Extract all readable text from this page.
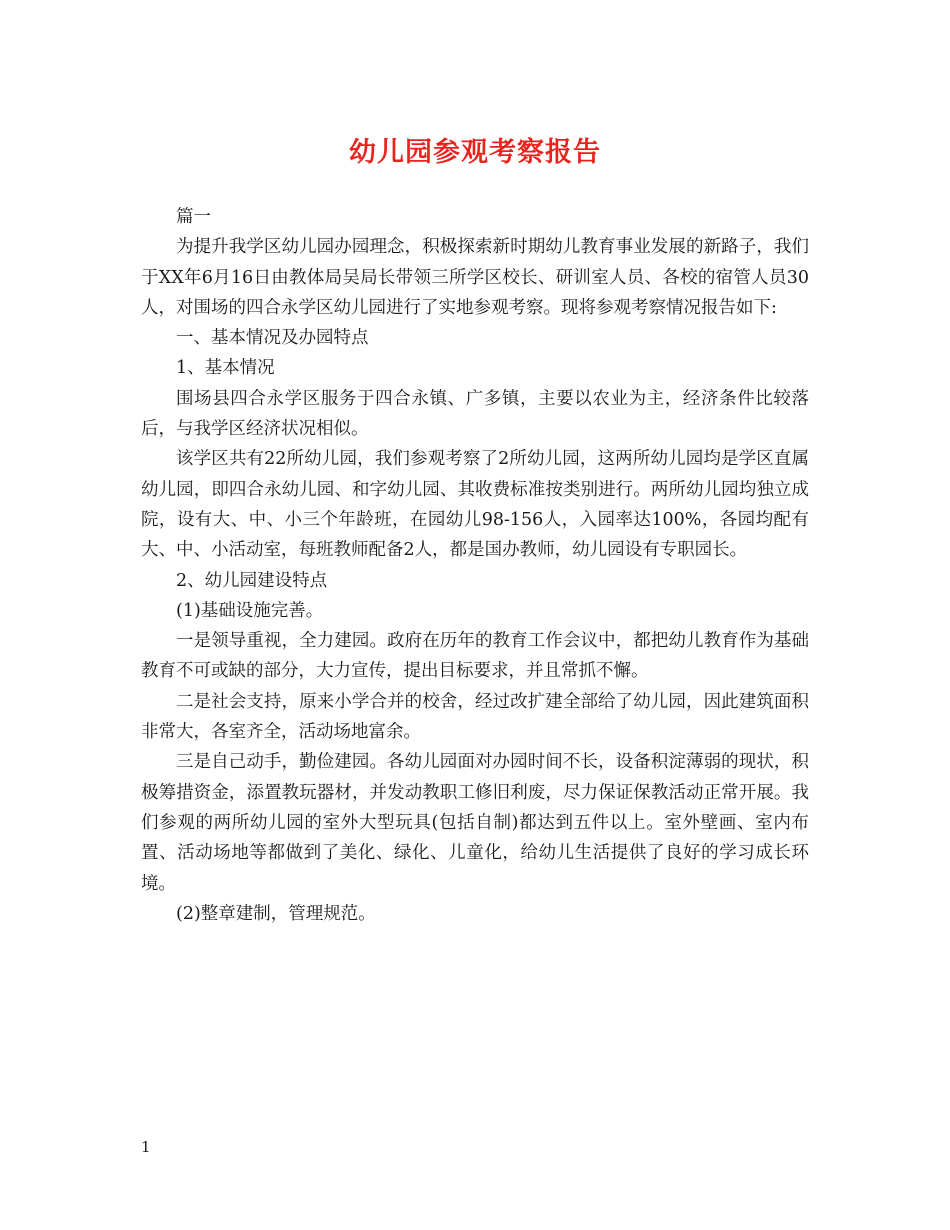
幼儿园参观考察报告

篇一

为提升我学区幼儿园办园理念，积极探索新时期幼儿教育事业发展的新路子，我们于XX年6月16日由教体局吴局长带领三所学区校长、研训室人员、各校的宿管人员30人，对围场的四合永学区幼儿园进行了实地参观考察。现将参观考察情况报告如下:

一、基本情况及办园特点

1、基本情况

围场县四合永学区服务于四合永镇、广多镇，主要以农业为主，经济条件比较落后，与我学区经济状况相似。

该学区共有22所幼儿园，我们参观考察了2所幼儿园，这两所幼儿园均是学区直属幼儿园，即四合永幼儿园、和字幼儿园、其收费标准按类别进行。两所幼儿园均独立成院，设有大、中、小三个年龄班，在园幼儿98-156人，入园率达100%，各园均配有大、中、小活动室，每班教师配备2人，都是国办教师，幼儿园设有专职园长。

2、幼儿园建设特点

(1)基础设施完善。

一是领导重视，全力建园。政府在历年的教育工作会议中，都把幼儿教育作为基础教育不可或缺的部分，大力宣传，提出目标要求，并且常抓不懈。

二是社会支持，原来小学合并的校舍，经过改扩建全部给了幼儿园，因此建筑面积非常大，各室齐全，活动场地富余。

三是自己动手，勤俭建园。各幼儿园面对办园时间不长，设备积淀薄弱的现状，积极筹措资金，添置教玩器材，并发动教职工修旧利废，尽力保证保教活动正常开展。我们参观的两所幼儿园的室外大型玩具(包括自制)都达到五件以上。室外壁画、室内布置、活动场地等都做到了美化、绿化、儿童化，给幼儿生活提供了良好的学习成长环境。

(2)整章建制，管理规范。

1
